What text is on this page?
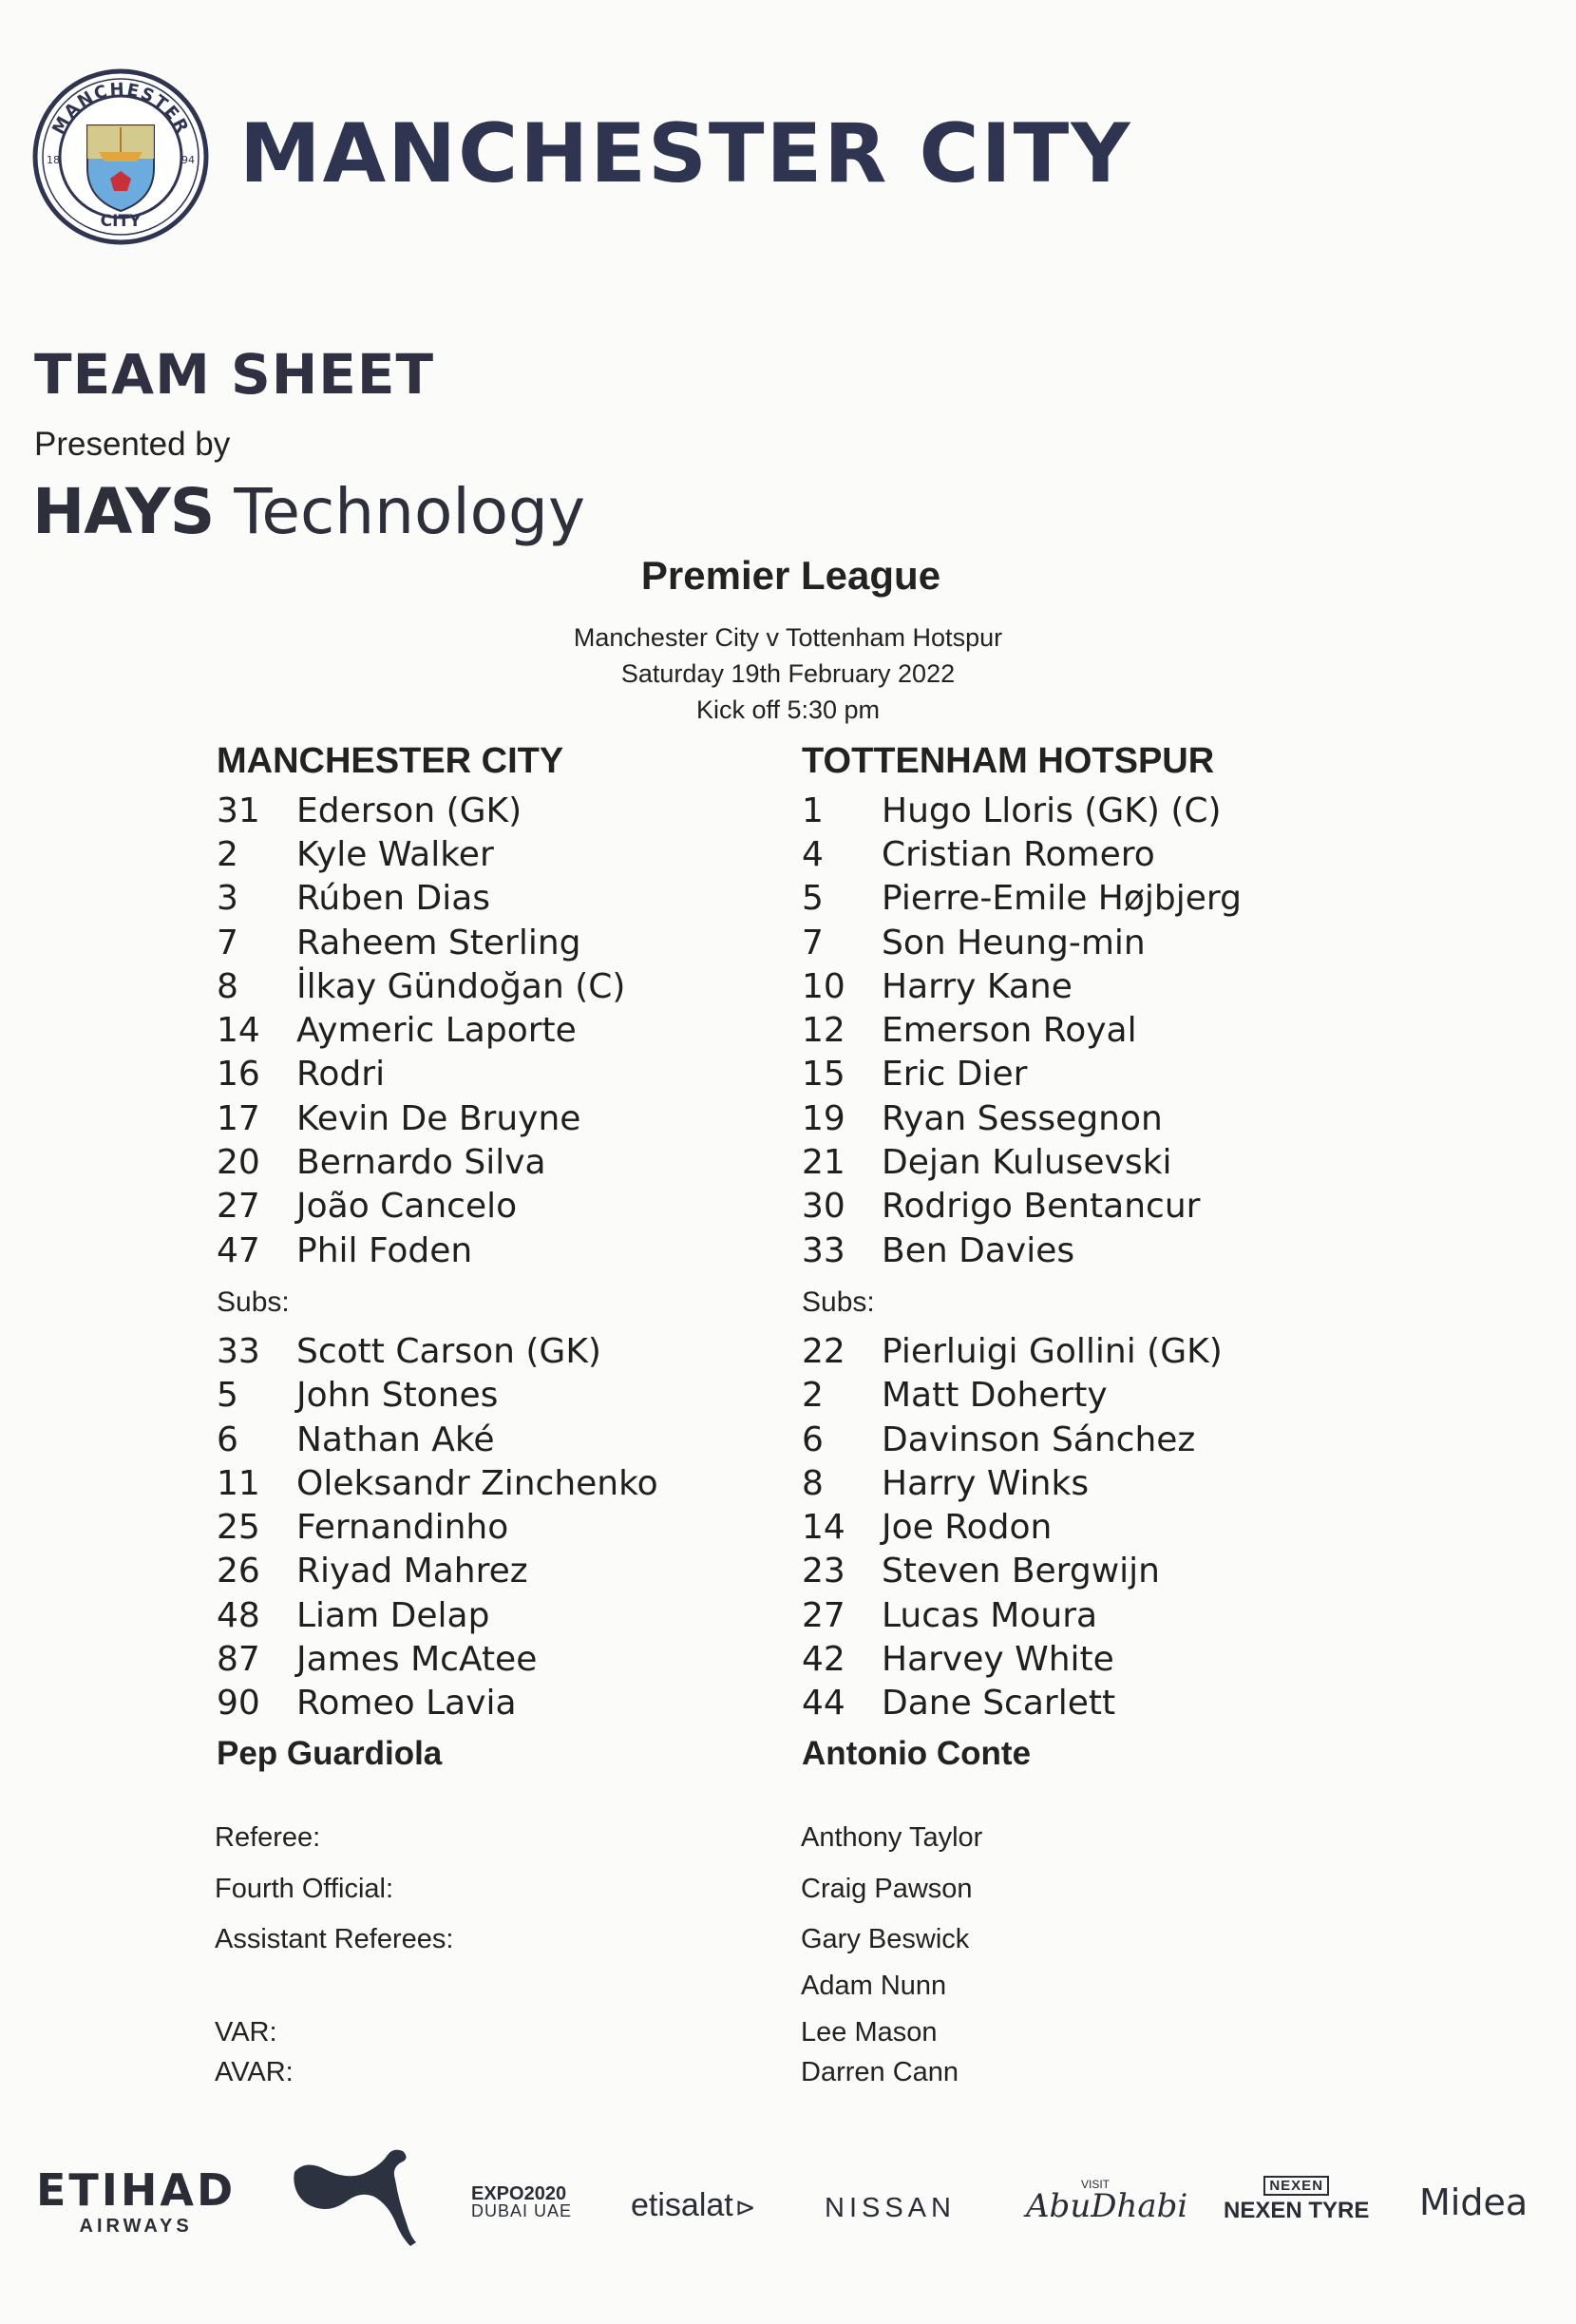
MANCHESTER
CITY
18	94 MANCHESTER CITY
TEAM SHEET
Presented by
HAYS Technology
Premier League
Manchester City v Tottenham Hotspur
Saturday 19th February 2022
Kick off 5:30 pm
MANCHESTER CITY
31	Ederson (GK)
2	Kyle Walker
3	Rúben Dias
7	Raheem Sterling
8	İlkay Gündoğan (C)
14	Aymeric Laporte
16	Rodri
17	Kevin De Bruyne
20	Bernardo Silva
27	João Cancelo
47	Phil Foden
Subs:
33	Scott Carson (GK)
5	John Stones
6	Nathan Aké
11	Oleksandr Zinchenko
25	Fernandinho
26	Riyad Mahrez
48	Liam Delap
87	James McAtee
90	Romeo Lavia
Pep Guardiola
TOTTENHAM HOTSPUR
1	Hugo Lloris (GK) (C)
4	Cristian Romero
5	Pierre-Emile Højbjerg
7	Son Heung-min
10	Harry Kane
12	Emerson Royal
15	Eric Dier
19	Ryan Sessegnon
21	Dejan Kulusevski
30	Rodrigo Bentancur
33	Ben Davies
Subs:
22	Pierluigi Gollini (GK)
2	Matt Doherty
6	Davinson Sánchez
8	Harry Winks
14	Joe Rodon
23	Steven Bergwijn
27	Lucas Moura
42	Harvey White
44	Dane Scarlett
Antonio Conte
Referee:	Anthony Taylor
Fourth Official:	Craig Pawson
Assistant Referees:	Gary Beswick
Adam Nunn
VAR:	Lee Mason
AVAR:	Darren Cann
ETIHAD
AIRWAYS
EXPO2020
DUBAI UAE etisalat⊳ NISSAN
VISIT
AbuDhabi
NEXEN
NEXEN TYRE Midea
